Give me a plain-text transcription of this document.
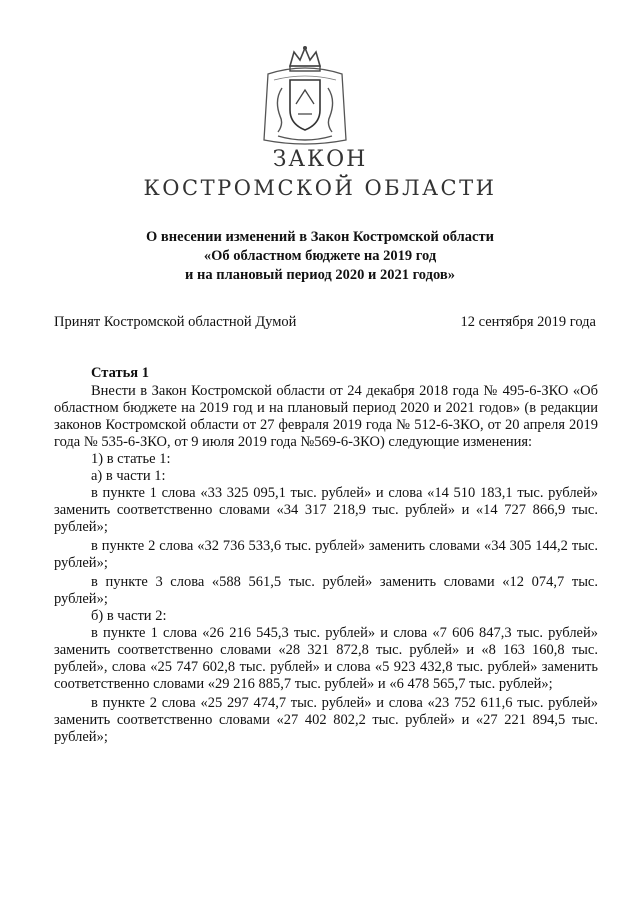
ЗАКОН
КОСТРОМСКОЙ ОБЛАСТИ
О внесении изменений в Закон Костромской области
«Об областном бюджете на 2019 год
и на плановый период 2020 и 2021 годов»
Принят Костромской областной Думой	12 сентября 2019 года
Статья 1

Внести в Закон Костромской области от 24 декабря 2018 года № 495-6-ЗКО «Об областном бюджете на 2019 год и на плановый период 2020 и 2021 годов» (в редакции законов Костромской области от 27 февраля 2019 года № 512-6-ЗКО, от 20 апреля 2019 года № 535-6-ЗКО, от 9 июля 2019 года №569-6-ЗКО) следующие изменения:

1) в статье 1:

а) в части 1:

в пункте 1 слова «33 325 095,1 тыс. рублей» и слова «14 510 183,1 тыс. рублей» заменить соответственно словами «34 317 218,9 тыс. рублей» и «14 727 866,9 тыс. рублей»;

в пункте 2 слова «32 736 533,6 тыс. рублей» заменить словами «34 305 144,2 тыс. рублей»;

в пункте 3 слова «588 561,5 тыс. рублей» заменить словами «12 074,7 тыс. рублей»;

б) в части 2:

в пункте 1 слова «26 216 545,3 тыс. рублей» и слова «7 606 847,3 тыс. рублей» заменить соответственно словами «28 321 872,8 тыс. рублей» и «8 163 160,8 тыс. рублей», слова «25 747 602,8 тыс. рублей» и слова «5 923 432,8 тыс. рублей» заменить соответственно словами «29 216 885,7 тыс. рублей» и «6 478 565,7 тыс. рублей»;

в пункте 2 слова «25 297 474,7 тыс. рублей» и слова «23 752 611,6 тыс. рублей» заменить соответственно словами «27 402 802,2 тыс. рублей» и «27 221 894,5 тыс. рублей»;
